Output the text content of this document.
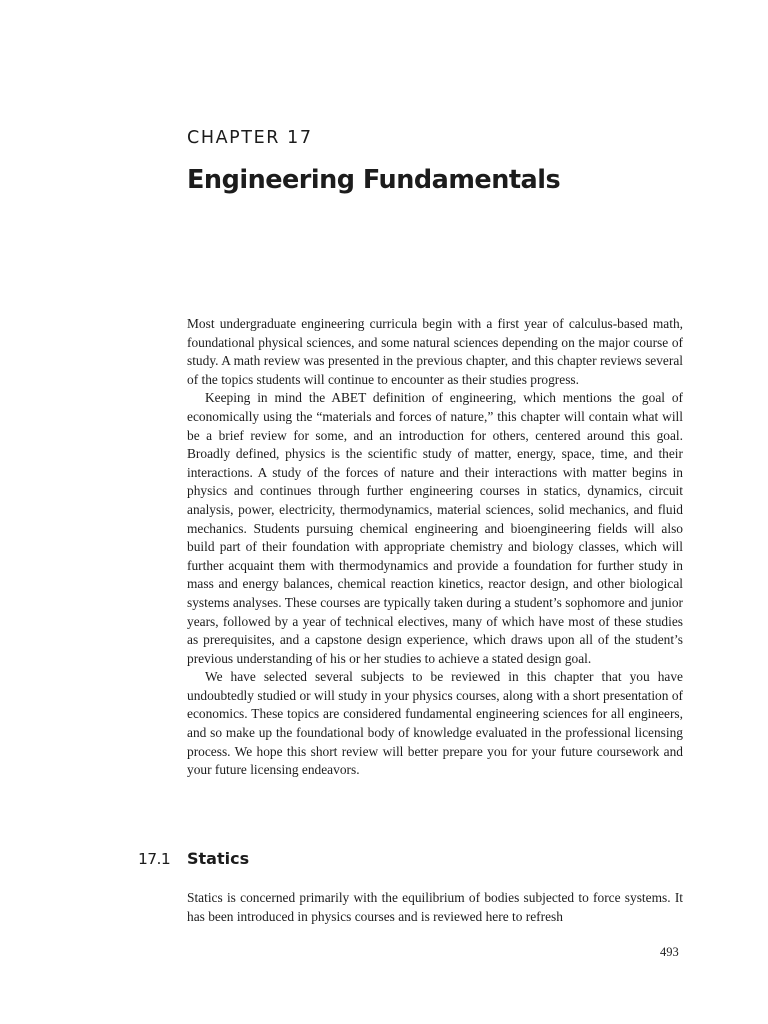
CHAPTER 17
Engineering Fundamentals

Most undergraduate engineering curricula begin with a first year of calculus-based math, foundational physical sciences, and some natural sciences depending on the major course of study. A math review was presented in the previous chapter, and this chapter reviews several of the topics students will continue to encounter as their studies progress.

Keeping in mind the ABET definition of engineering, which mentions the goal of economically using the “materials and forces of nature,” this chapter will contain what will be a brief review for some, and an introduction for others, centered around this goal. Broadly defined, physics is the scientific study of matter, energy, space, time, and their interactions. A study of the forces of nature and their interactions with matter begins in physics and continues through further engineering courses in statics, dynamics, circuit analysis, power, electricity, thermodynamics, material sciences, solid mechanics, and fluid mechanics. Students pursuing chemical engineering and bioengineering fields will also build part of their foundation with appropriate chemistry and biology classes, which will further acquaint them with thermodynamics and provide a foundation for further study in mass and energy balances, chemical reaction kinetics, reactor design, and other biological systems analyses. These courses are typically taken during a student’s sophomore and junior years, followed by a year of technical electives, many of which have most of these studies as prerequisites, and a capstone design experience, which draws upon all of the student’s previous understanding of his or her studies to achieve a stated design goal.

We have selected several subjects to be reviewed in this chapter that you have undoubtedly studied or will study in your physics courses, along with a short presentation of economics. These topics are considered fundamental engineering sciences for all engineers, and so make up the foundational body of knowledge evaluated in the professional licensing process. We hope this short review will better prepare you for your future coursework and your future licensing endeavors.

17.1 Statics

Statics is concerned primarily with the equilibrium of bodies subjected to force systems. It has been introduced in physics courses and is reviewed here to refresh

493
